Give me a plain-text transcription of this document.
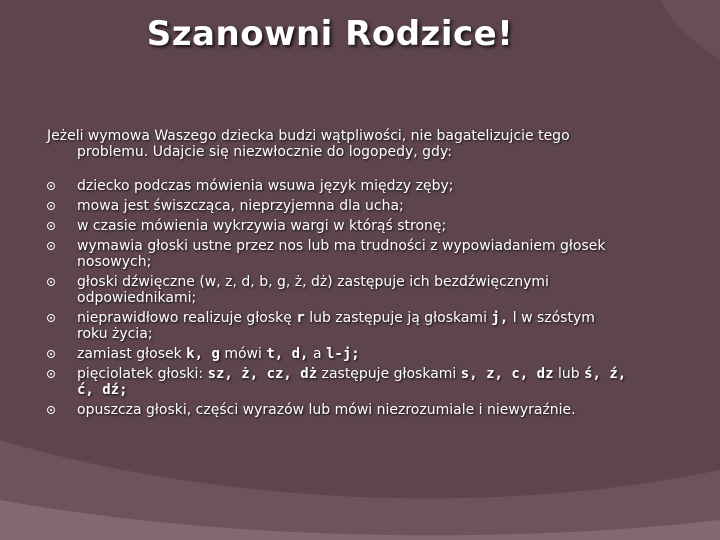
Szanowni Rodzice!

Jeżeli wymowa Waszego dziecka budzi wątpliwości, nie bagatelizujcie tego problemu. Udajcie się niezwłocznie do logopedy, gdy:

dziecko podczas mówienia wsuwa język między zęby;
mowa jest świszcząca, nieprzyjemna dla ucha;
w czasie mówienia wykrzywia wargi w którąś stronę;
wymawia głoski ustne przez nos lub ma trudności z wypowiadaniem głosek nosowych;
głoski dźwięczne (w, z, d, b, g, ż, dż) zastępuje ich bezdźwięcznymi odpowiednikami;
nieprawidłowo realizuje głoskę r lub zastępuje ją głoskami j, l w szóstym roku życia;
zamiast głosek k, g mówi t, d, a l-j;
pięciolatek głoski: sz, ż, cz, dż zastępuje głoskami s, z, c, dz lub ś, ź, ć, dź;
opuszcza głoski, części wyrazów lub mówi niezrozumiale i niewyraźnie.
